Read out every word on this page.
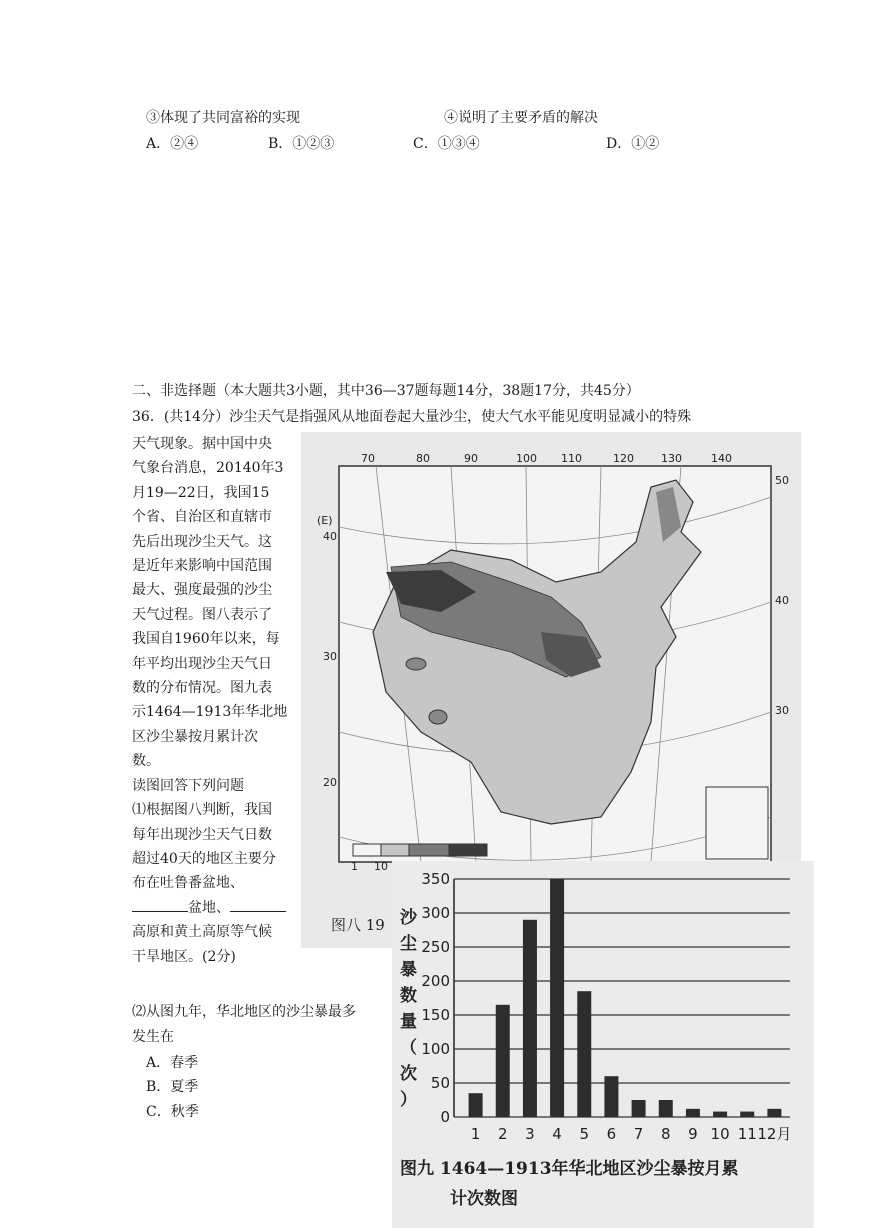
③体现了共同富裕的实现	④说明了主要矛盾的解决
A．②④	B．①②③	C．①③④	D．①②
二、非选择题（本大题共3小题，其中36—37题每题14分，38题17分，共45分）
36．(共14分）沙尘天气是指强风从地面卷起大量沙尘，使大气水平能见度明显减小的特殊
天气现象。据中国中央
气象台消息，20140年3
月19—22日，我国15
个省、自治区和直辖市
先后出现沙尘天气。这
是近年来影响中国范围
最大、强度最强的沙尘
天气过程。图八表示了
我国自1960年以来，每
年平均出现沙尘天气日
数的分布情况。图九表
示1464—1913年华北地
区沙尘暴按月累计次
数。
读图回答下列问题
⑴根据图八判断，我国
每年出现沙尘天气日数
超过40天的地区主要分
布在吐鲁番盆地、
盆地、
高原和黄土高原等气候
干旱地区。(2分)
⑵从图九年，华北地区的沙尘暴最多
发生在
A．春季
B．夏季
C．秋季
70	80	90	100 110	120 130	140
(E)
40
30
20
50
40
30
1 10
图八 19 沙
尘
暴
数
量
（
次
）
0
50
100
150
200
250
300
350
1 2 3 4 5 6 7 8 9 10 11 12月
图九 1464—1913年华北地区沙尘暴按月累
计次数图
